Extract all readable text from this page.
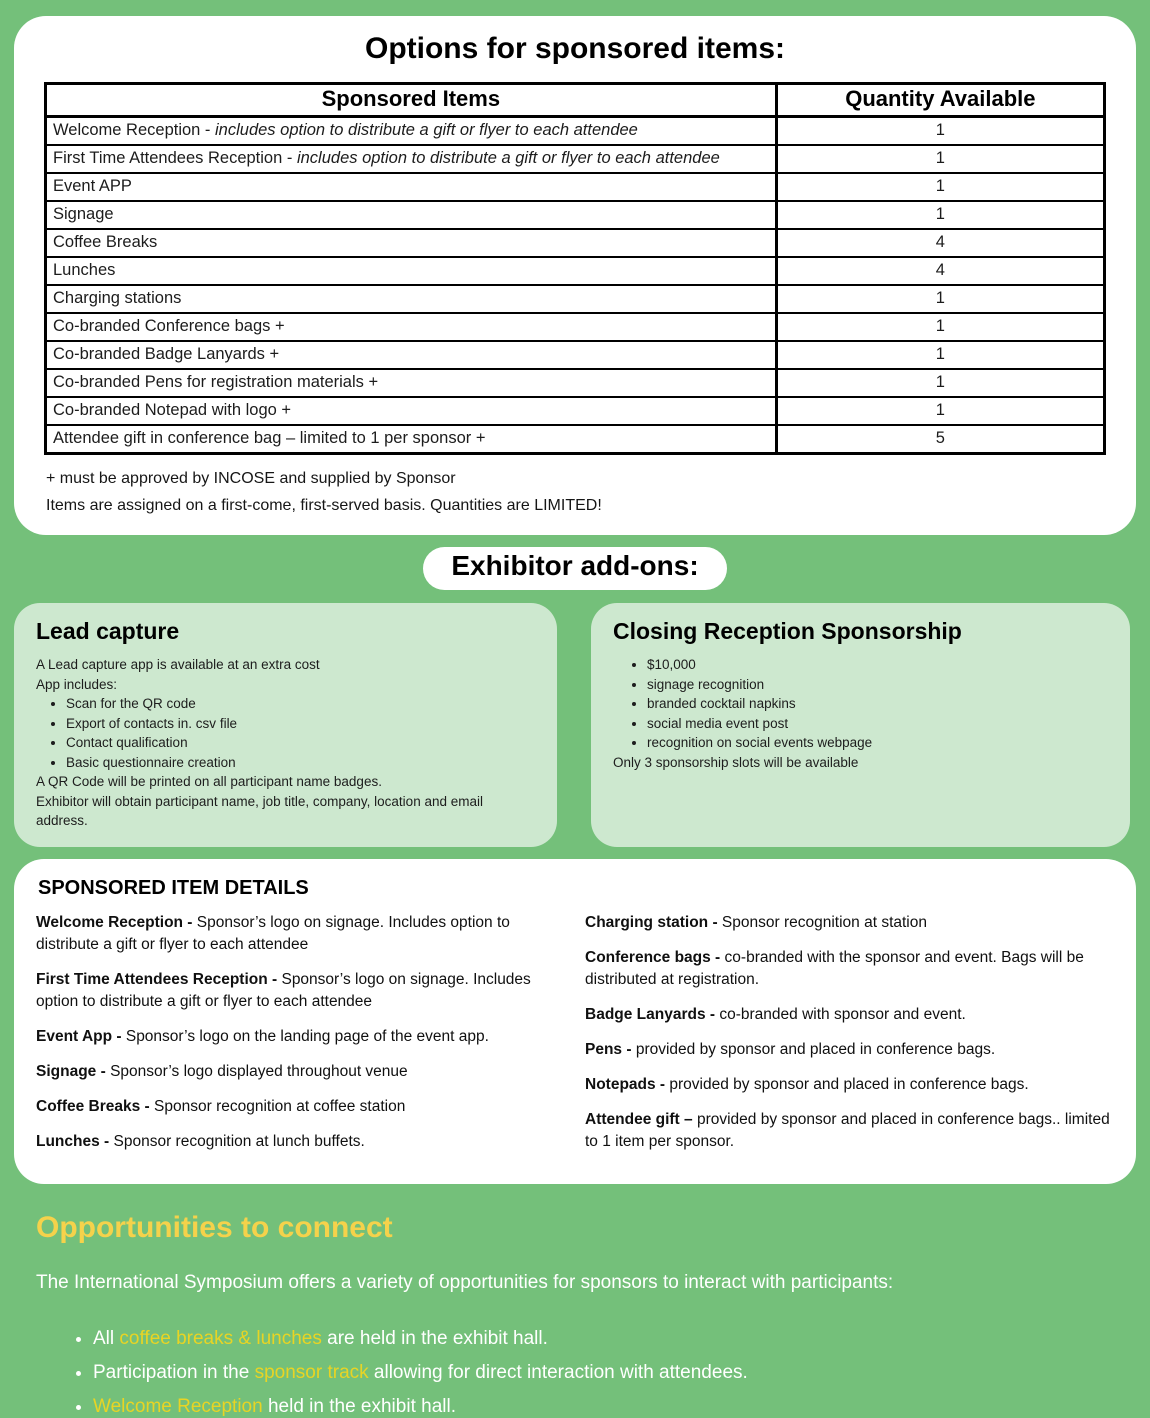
Options for sponsored items:
Sponsored Items	Quantity Available
Welcome Reception - includes option to distribute a gift or flyer to each attendee	1
First Time Attendees Reception - includes option to distribute a gift or flyer to each attendee	1
Event APP	1
Signage	1
Coffee Breaks	4
Lunches	4
Charging stations	1
Co-branded Conference bags +	1
Co-branded Badge Lanyards +	1
Co-branded Pens for registration materials +	1
Co-branded Notepad with logo +	1
Attendee gift in conference bag – limited to 1 per sponsor +	5
+ must be approved by INCOSE and supplied by Sponsor
Items are assigned on a first-come, first-served basis. Quantities are LIMITED!
Exhibitor add-ons:
Lead capture

A Lead capture app is available at an extra cost

App includes:

• Scan for the QR code
• Export of contacts in. csv file
• Contact qualification
• Basic questionnaire creation

A QR Code will be printed on all participant name badges.

Exhibitor will obtain participant name, job title, company, location and email address.

Closing Reception Sponsorship
• $10,000
• signage recognition
• branded cocktail napkins
• social media event post
• recognition on social events webpage

Only 3 sponsorship slots will be available

SPONSORED ITEM DETAILS

Welcome Reception - Sponsor’s logo on signage. Includes option to distribute a gift or flyer to each attendee

First Time Attendees Reception - Sponsor’s logo on signage. Includes option to distribute a gift or flyer to each attendee

Event App - Sponsor’s logo on the landing page of the event app.

Signage - Sponsor’s logo displayed throughout venue

Coffee Breaks - Sponsor recognition at coffee station

Lunches - Sponsor recognition at lunch buffets.

Charging station - Sponsor recognition at station

Conference bags - co-branded with the sponsor and event. Bags will be distributed at registration.

Badge Lanyards - co-branded with sponsor and event.

Pens - provided by sponsor and placed in conference bags.

Notepads - provided by sponsor and placed in conference bags.

Attendee gift – provided by sponsor and placed in conference bags.. limited to 1 item per sponsor.

Opportunities to connect

The International Symposium offers a variety of opportunities for sponsors to interact with participants:

• All coffee breaks & lunches are held in the exhibit hall.
• Participation in the sponsor track allowing for direct interaction with attendees.
• Welcome Reception held in the exhibit hall.
